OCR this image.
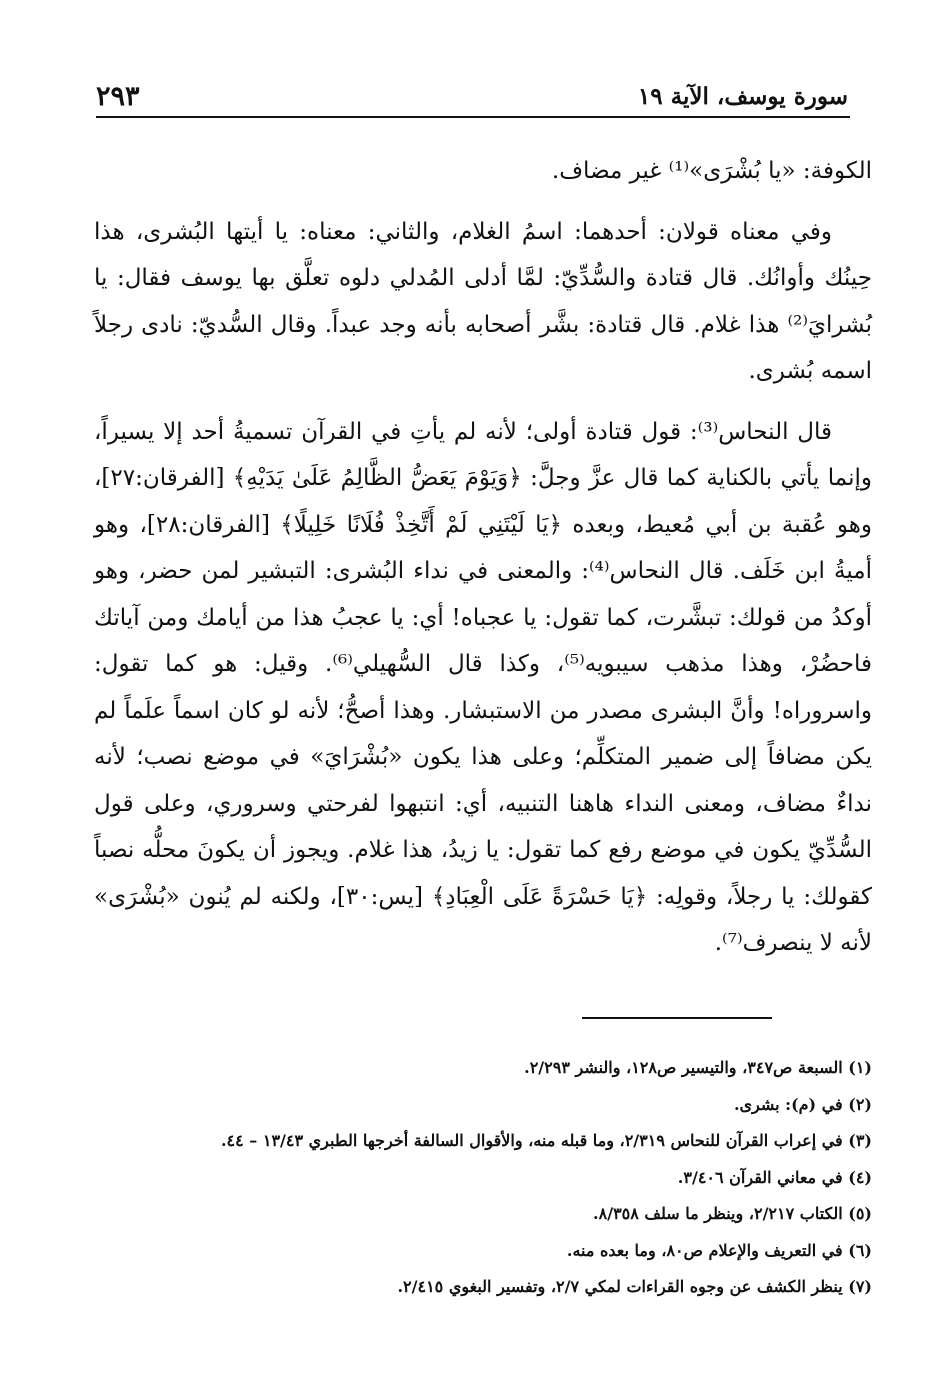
٢٩٣	سورة يوسف، الآية ١٩

الكوفة: «يا بُشْرَى»⁽¹⁾ غير مضاف.

وفي معناه قولان: أحدهما: اسمُ الغلام، والثاني: معناه: يا أيتها البُشرى، هذا حِينُك وأوانُك. قال قتادة والسُّدِّيّ: لمَّا أدلى المُدلي دلوه تعلَّق بها يوسف فقال: يا بُشرايَ⁽²⁾ هذا غلام. قال قتادة: بشَّر أصحابه بأنه وجد عبداً. وقال السُّديّ: نادى رجلاً اسمه بُشرى.

قال النحاس⁽³⁾: قول قتادة أولى؛ لأنه لم يأتِ في القرآن تسميةُ أحد إلا يسيراً، وإنما يأتي بالكناية كما قال عزَّ وجلَّ: ﴿وَيَوْمَ يَعَضُّ الظَّالِمُ عَلَىٰ يَدَيْهِ﴾ [الفرقان:٢٧]، وهو عُقبة بن أبي مُعيط، وبعده ﴿يَا لَيْتَنِي لَمْ أَتَّخِذْ فُلَانًا خَلِيلًا﴾ [الفرقان:٢٨]، وهو أميةُ ابن خَلَف. قال النحاس⁽⁴⁾: والمعنى في نداء البُشرى: التبشير لمن حضر، وهو أوكدُ من قولك: تبشَّرت، كما تقول: يا عجباه! أي: يا عجبُ هذا من أيامك ومن آياتك فاحضُرْ، وهذا مذهب سيبويه⁽⁵⁾، وكذا قال السُّهيلي⁽⁶⁾. وقيل: هو كما تقول: واسروراه! وأنَّ البشرى مصدر من الاستبشار. وهذا أصحُّ؛ لأنه لو كان اسماً علَماً لم يكن مضافاً إلى ضمير المتكلِّم؛ وعلى هذا يكون «بُشْرَايَ» في موضع نصب؛ لأنه نداءٌ مضاف، ومعنى النداء هاهنا التنبيه، أي: انتبهوا لفرحتي وسروري، وعلى قول السُّدِّيّ يكون في موضع رفع كما تقول: يا زيدُ، هذا غلام. ويجوز أن يكونَ محلُّه نصباً كقولك: يا رجلاً، وقولِه: ﴿يَا حَسْرَةً عَلَى الْعِبَادِ﴾ [يس:٣٠]، ولكنه لم يُنون «بُشْرَى» لأنه لا ينصرف⁽⁷⁾.

(١) السبعة ص٣٤٧، والتيسير ص١٢٨، والنشر ٢/٢٩٣.
(٢) في (م): بشرى.
(٣) في إعراب القرآن للنحاس ٢/٣١٩، وما قبله منه، والأقوال السالفة أخرجها الطبري ١٣/٤٣ – ٤٤.
(٤) في معاني القرآن ٣/٤٠٦.
(٥) الكتاب ٢/٢١٧، وينظر ما سلف ٨/٣٥٨.
(٦) في التعريف والإعلام ص٨٠، وما بعده منه.
(٧) ينظر الكشف عن وجوه القراءات لمكي ٢/٧، وتفسير البغوي ٢/٤١٥.
